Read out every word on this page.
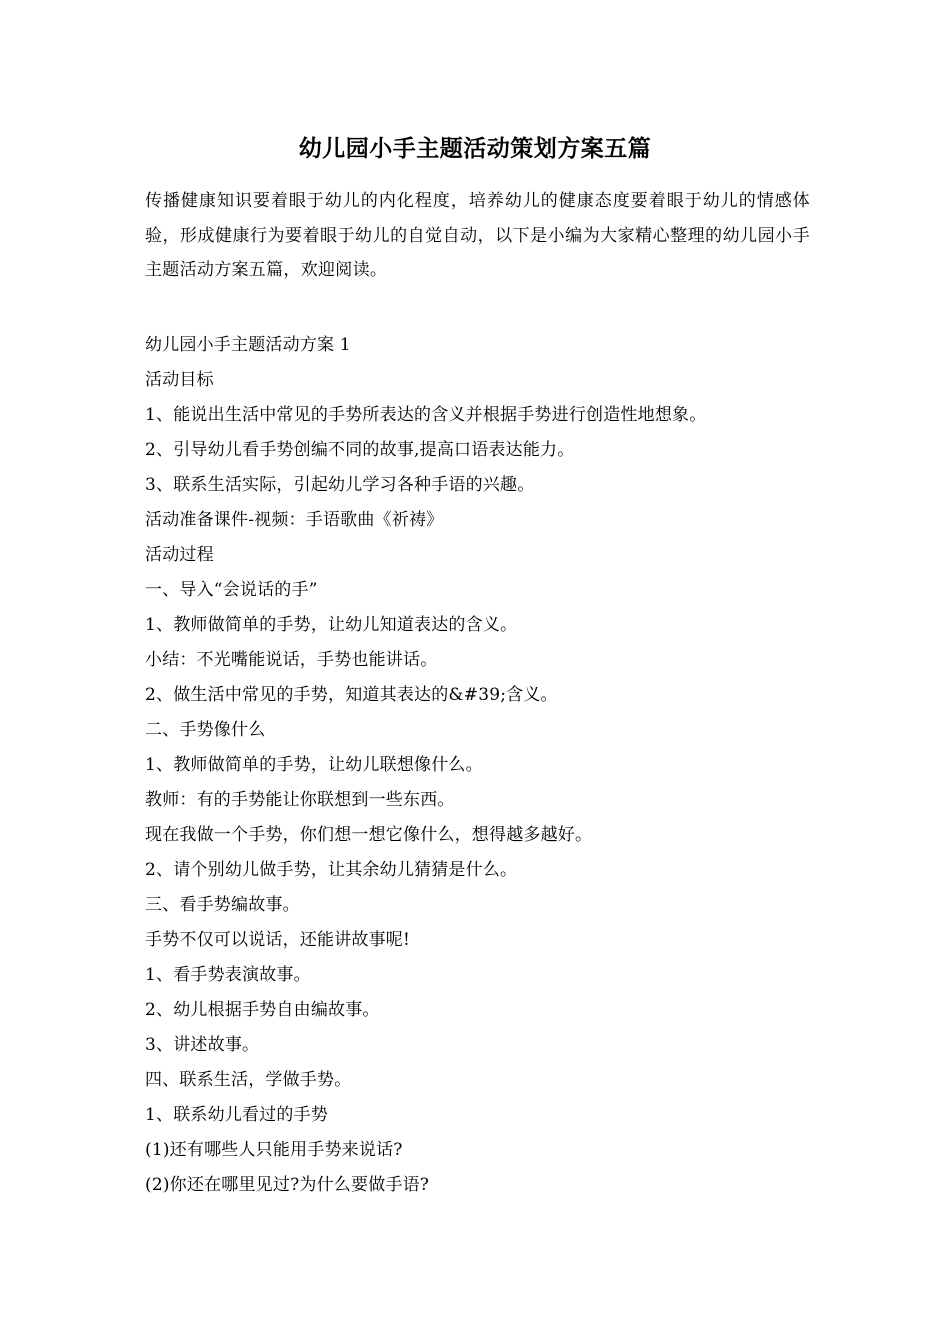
幼儿园小手主题活动策划方案五篇
传播健康知识要着眼于幼儿的内化程度，培养幼儿的健康态度要着眼于幼儿的情感体验，形成健康行为要着眼于幼儿的自觉自动，以下是小编为大家精心整理的幼儿园小手主题活动方案五篇，欢迎阅读。
幼儿园小手主题活动方案 1
活动目标
1、能说出生活中常见的手势所表达的含义并根据手势进行创造性地想象。
2、引导幼儿看手势创编不同的故事,提高口语表达能力。
3、联系生活实际，引起幼儿学习各种手语的兴趣。
活动准备课件-视频：手语歌曲《祈祷》
活动过程
一、导入“会说话的手”
1、教师做简单的手势，让幼儿知道表达的含义。
小结：不光嘴能说话，手势也能讲话。
2、做生活中常见的手势，知道其表达的&#39;含义。
二、手势像什么
1、教师做简单的手势，让幼儿联想像什么。
教师：有的手势能让你联想到一些东西。
现在我做一个手势，你们想一想它像什么，想得越多越好。
2、请个别幼儿做手势，让其余幼儿猜猜是什么。
三、看手势编故事。
手势不仅可以说话，还能讲故事呢!
1、看手势表演故事。
2、幼儿根据手势自由编故事。
3、讲述故事。
四、联系生活，学做手势。
1、联系幼儿看过的手势
(1)还有哪些人只能用手势来说话?
(2)你还在哪里见过?为什么要做手语?
